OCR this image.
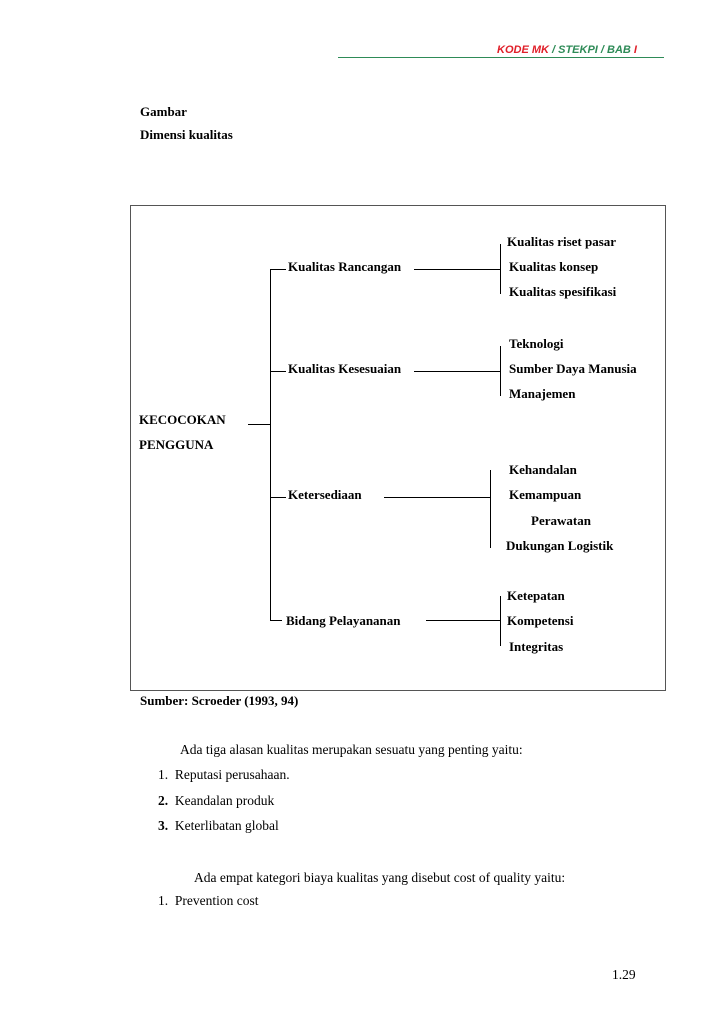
KODE MK / STEKPI / BAB I
Gambar
Dimensi kualitas
KECOCOKAN
PENGGUNA
Kualitas Rancangan
Kualitas Kesesuaian
Ketersediaan
Bidang Pelayananan
Kualitas riset pasar
Kualitas konsep
Kualitas spesifikasi
Teknologi
Sumber Daya Manusia
Manajemen
Kehandalan
Kemampuan
Perawatan
Dukungan Logistik
Ketepatan
Kompetensi
Integritas
Sumber: Scroeder (1993, 94)
Ada tiga alasan kualitas merupakan sesuatu yang penting yaitu:
1. Reputasi perusahaan.
2. Keandalan produk
3. Keterlibatan global
Ada empat kategori biaya kualitas yang disebut cost of quality yaitu:
1. Prevention cost
1.29
